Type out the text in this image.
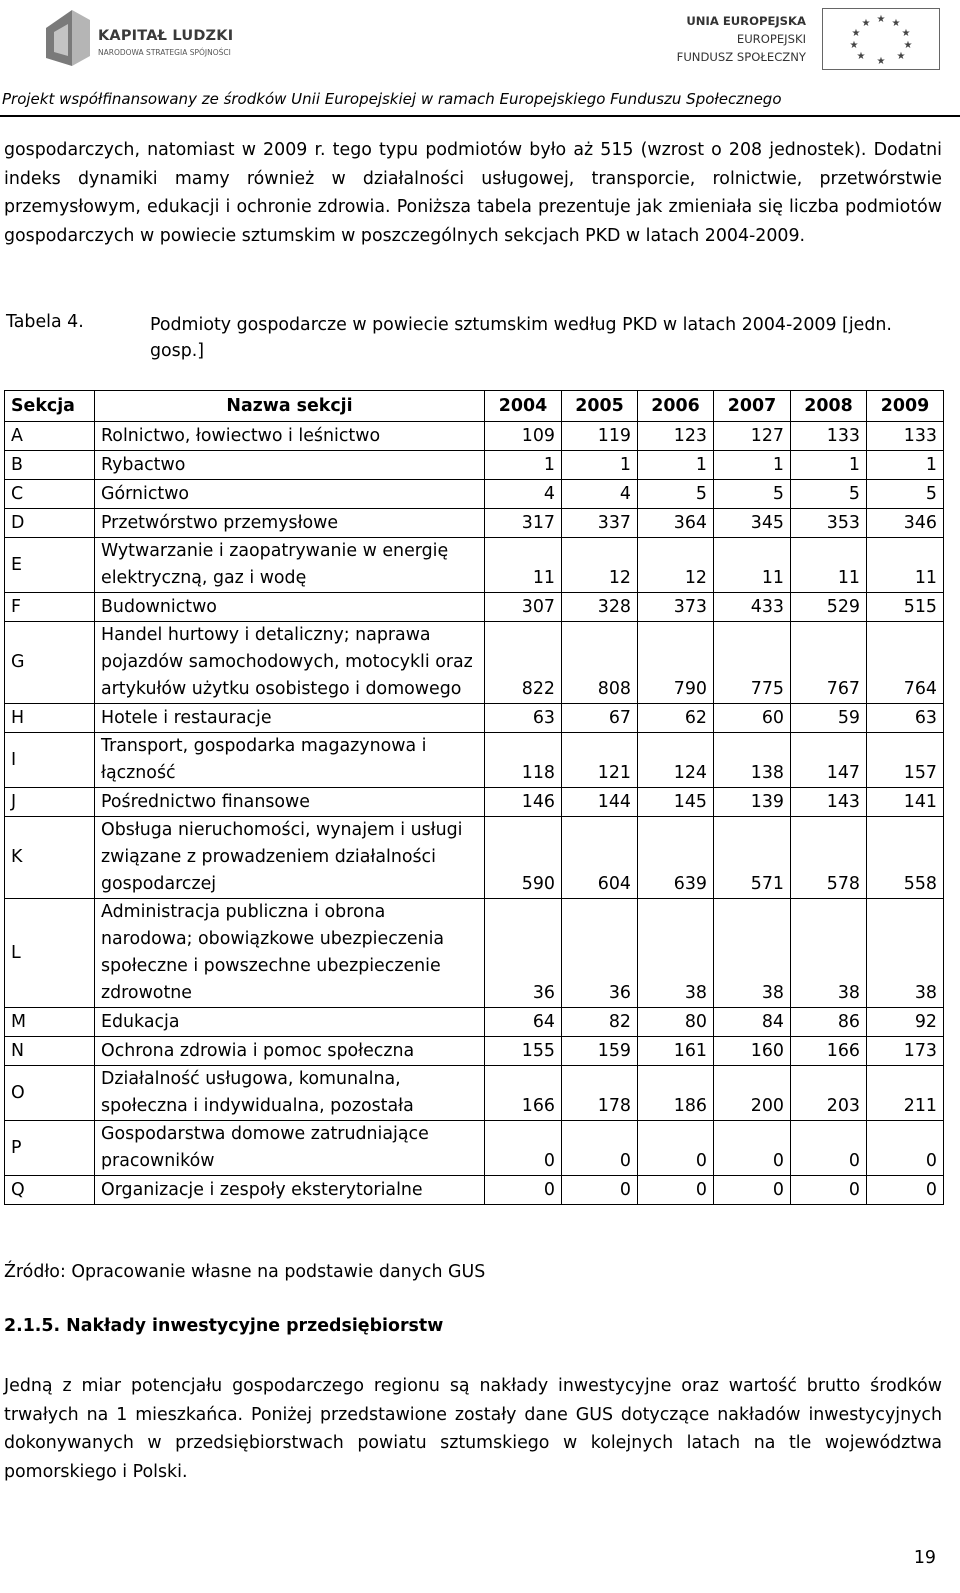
KAPITAŁ LUDZKI
NARODOWA STRATEGIA SPÓJNOŚCI
UNIA EUROPEJSKA
EUROPEJSKI
FUNDUSZ SPOŁECZNY
★ ★
★
★
★
★
★
★
★
★
Projekt współfinansowany ze środków Unii Europejskiej w ramach Europejskiego Funduszu Społecznego

gospodarczych, natomiast w 2009 r. tego typu podmiotów było aż 515 (wzrost o 208 jednostek). Dodatni indeks dynamiki mamy również w działalności usługowej, transporcie, rolnictwie, przetwórstwie przemysłowym, edukacji i ochronie zdrowia. Poniższa tabela prezentuje jak zmieniała się liczba podmiotów gospodarczych w powiecie sztumskim w poszczególnych sekcjach PKD w latach 2004-2009.

Tabela 4.	Podmioty gospodarcze w powiecie sztumskim według PKD w latach 2004-2009 [jedn. gosp.]
Sekcja	Nazwa sekcji	2004	2005	2006	2007	2008	2009
A	Rolnictwo, łowiectwo i leśnictwo	109	119	123	127	133	133
B	Rybactwo	1	1	1	1	1	1
C	Górnictwo	4	4	5	5	5	5
D	Przetwórstwo przemysłowe	317	337	364	345	353	346
E	Wytwarzanie i zaopatrywanie w energię elektryczną, gaz i wodę	11	12	12	11	11	11
F	Budownictwo	307	328	373	433	529	515
G	Handel hurtowy i detaliczny; naprawa pojazdów samochodowych, motocykli oraz artykułów użytku osobistego i domowego	822	808	790	775	767	764
H	Hotele i restauracje	63	67	62	60	59	63
I	Transport, gospodarka magazynowa i łączność	118	121	124	138	147	157
J	Pośrednictwo finansowe	146	144	145	139	143	141
K	Obsługa nieruchomości, wynajem i usługi związane z prowadzeniem działalności gospodarczej	590	604	639	571	578	558
L	Administracja publiczna i obrona narodowa; obowiązkowe ubezpieczenia społeczne i powszechne ubezpieczenie zdrowotne	36	36	38	38	38	38
M	Edukacja	64	82	80	84	86	92
N	Ochrona zdrowia i pomoc społeczna	155	159	161	160	166	173
O	Działalność usługowa, komunalna, społeczna i indywidualna, pozostała	166	178	186	200	203	211
P	Gospodarstwa domowe zatrudniające pracowników	0	0	0	0	0	0
Q	Organizacje i zespoły eksterytorialne	0	0	0	0	0	0
Źródło: Opracowanie własne na podstawie danych GUS
2.1.5. Nakłady inwestycyjne przedsiębiorstw
Jedną z miar potencjału gospodarczego regionu są nakłady inwestycyjne oraz wartość brutto środków trwałych na 1 mieszkańca. Poniżej przedstawione zostały dane GUS dotyczące nakładów inwestycyjnych dokonywanych w przedsiębiorstwach powiatu sztumskiego w kolejnych latach na tle województwa pomorskiego i Polski.
19
